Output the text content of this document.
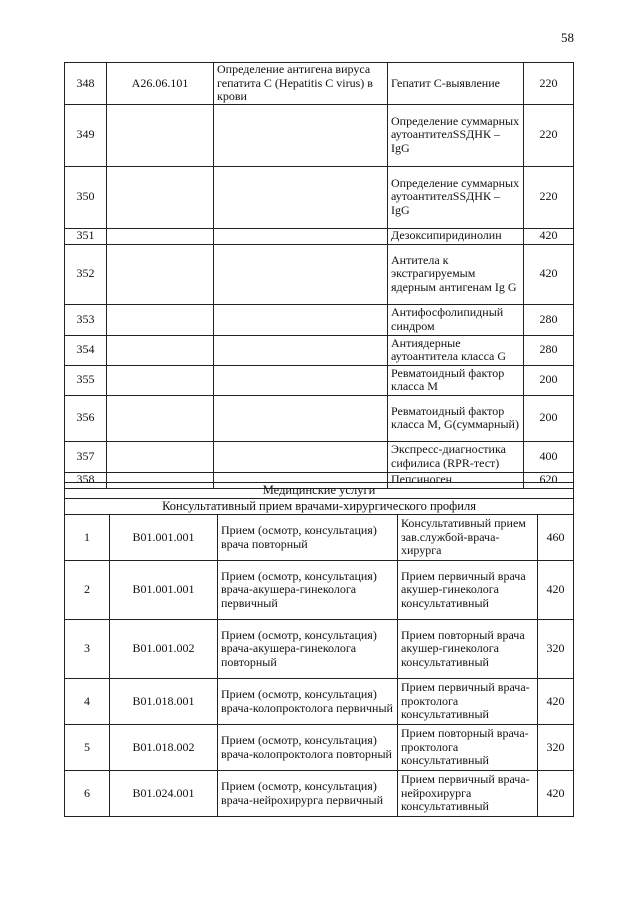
58
348	A26.06.101	Определение антигена вируса гепатита С (Hepatitis C virus) в крови	Гепатит С-выявление	220
349			Определение суммарных аутоантителSSДНК – IgG	220
350			Определение суммарных аутоантителSSДНК – IgG	220
351			Дезоксипиридинолин	420
352			Антитела к экстрагируемым ядерным антигенам Ig G	420
353			Антифосфолипидный синдром	280
354			Антиядерные аутоантитела класса G	280
355			Ревматоидный фактор класса М	200
356			Ревматоидный фактор класса М, G(суммарный)	200
357			Экспресс-диагностика сифилиса (RPR-тест)	400
358			Пепсиноген	620
Медицинские услуги				
Консультативный прием врачами-хирургического профиля				
1	В01.001.001	Прием (осмотр, консультация) врача повторный	Консультативный прием зав.службой-врача-хирурга	460
2	В01.001.001	Прием (осмотр, консультация) врача-акушера-гинеколога первичный	Прием первичный врача акушер-гинеколога консультативный	420
3	В01.001.002	Прием (осмотр, консультация) врача-акушера-гинеколога повторный	Прием повторный врача акушер-гинеколога консультативный	320
4	В01.018.001	Прием (осмотр, консультация) врача-колопроктолога первичный	Прием первичный врача-проктолога консультативный	420
5	В01.018.002	Прием (осмотр, консультация) врача-колопроктолога повторный	Прием повторный врача-проктолога консультативный	320
6	В01.024.001	Прием (осмотр, консультация) врача-нейрохирурга первичный	Прием первичный врача-нейрохирурга консультативный	420
